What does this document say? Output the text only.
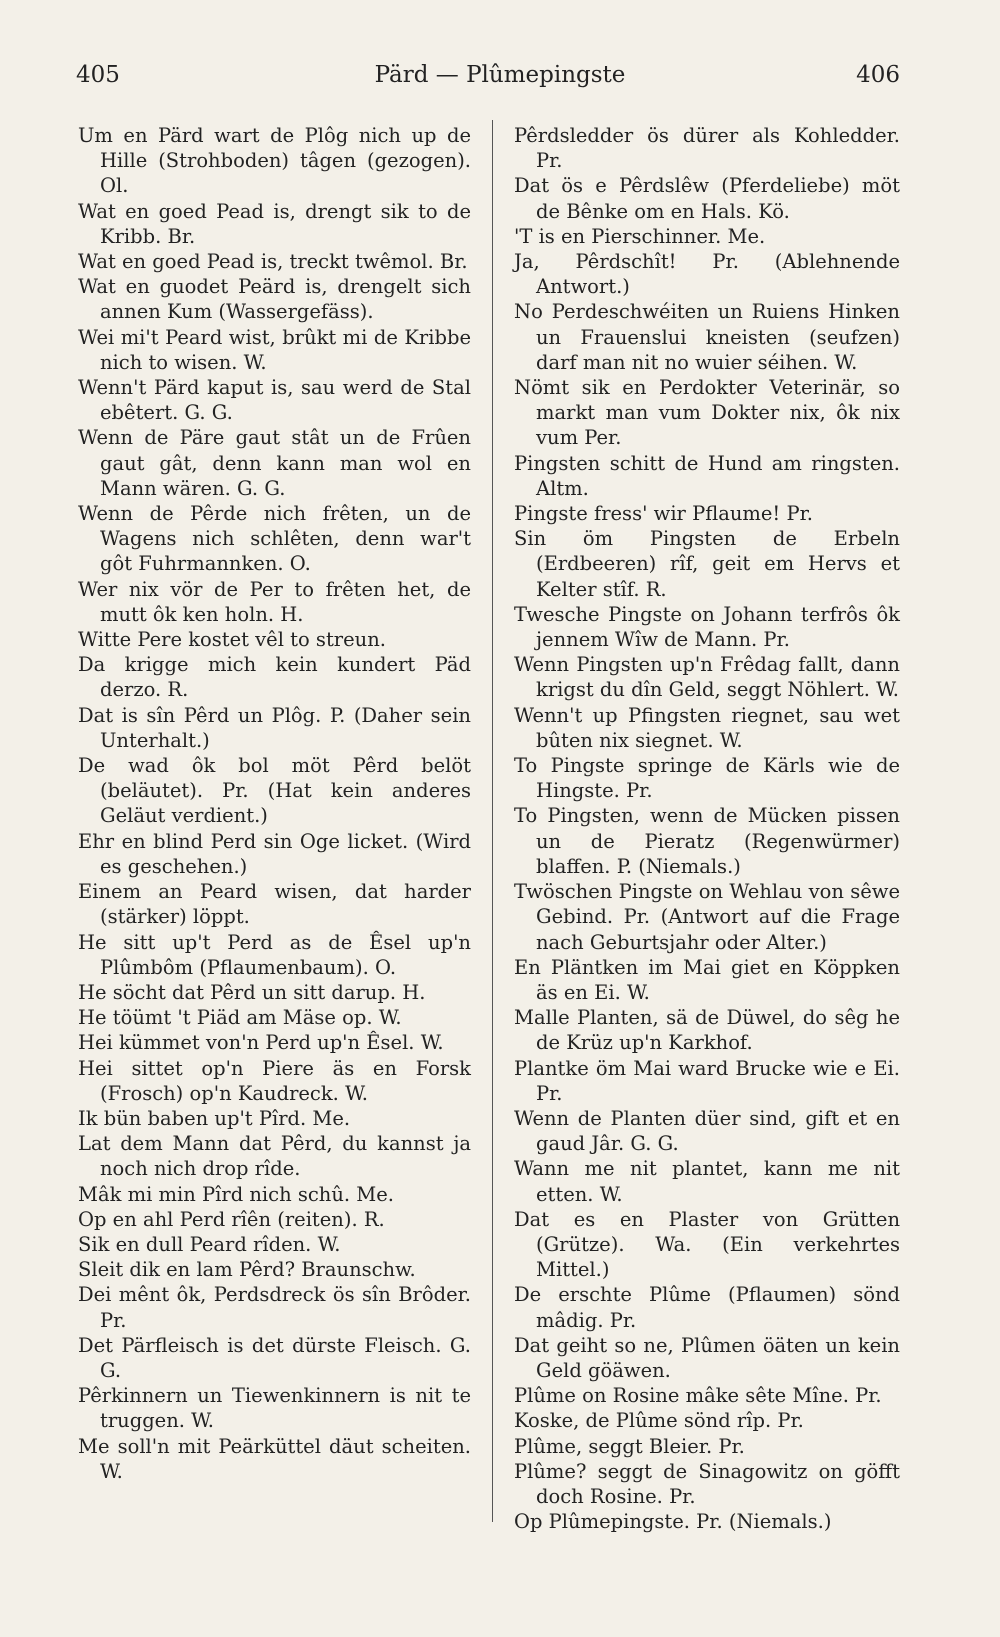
405	Pärd — Plûmepingste	406
Um en Pärd wart de Plôg nich up de Hille (Strohboden) tâgen (gezogen). Ol.
Wat en goed Pead is, drengt sik to de Kribb. Br.
Wat en goed Pead is, treckt twêmol. Br.
Wat en guodet Peärd is, drengelt sich annen Kum (Wassergefäss).
Wei mi't Peard wist, brûkt mi de Kribbe nich to wisen. W.
Wenn't Pärd kaput is, sau werd de Stal ebêtert. G. G.
Wenn de Päre gaut stât un de Frûen gaut gât, denn kann man wol en Mann wären. G. G.
Wenn de Pêrde nich frêten, un de Wagens nich schlêten, denn war't gôt Fuhrmannken. O.
Wer nix vör de Per to frêten het, de mutt ôk ken holn. H.
Witte Pere kostet vêl to streun.
Da krigge mich kein kundert Päd derzo. R.
Dat is sîn Pêrd un Plôg. P. (Daher sein Unterhalt.)
De wad ôk bol möt Pêrd belöt (beläutet). Pr. (Hat kein anderes Geläut verdient.)
Ehr en blind Perd sin Oge licket. (Wird es geschehen.)
Einem an Peard wisen, dat harder (stärker) löppt.
He sitt up't Perd as de Êsel up'n Plûmbôm (Pflaumenbaum). O.
He söcht dat Pêrd un sitt darup. H.
He töümt 't Piäd am Mäse op. W.
Hei kümmet von'n Perd up'n Êsel. W.
Hei sittet op'n Piere äs en Forsk (Frosch) op'n Kaudreck. W.
Ik bün baben up't Pîrd. Me.
Lat dem Mann dat Pêrd, du kannst ja noch nich drop rîde.
Mâk mi min Pîrd nich schû. Me.
Op en ahl Perd rîên (reiten). R.
Sik en dull Peard rîden. W.
Sleit dik en lam Pêrd? Braunschw.
Dei mênt ôk, Perdsdreck ös sîn Brôder. Pr.
Det Pärfleisch is det dürste Fleisch. G. G.
Pêrkinnern un Tiewenkinnern is nit te truggen. W.
Me soll'n mit Peärküttel däut scheiten. W.
Pêrdsledder ös dürer als Kohledder. Pr.
Dat ös e Pêrdslêw (Pferdeliebe) möt de Bênke om en Hals. Kö.
'T is en Pierschinner. Me.
Ja, Pêrdschît! Pr. (Ablehnende Antwort.)
No Perdeschwéiten un Ruiens Hinken un Frauenslui kneisten (seufzen) darf man nit no wuier séihen. W.
Nömt sik en Perdokter Veterinär, so markt man vum Dokter nix, ôk nix vum Per.
Pingsten schitt de Hund am ringsten. Altm.
Pingste fress' wir Pflaume! Pr.
Sin öm Pingsten de Erbeln (Erdbeeren) rîf, geit em Hervs et Kelter stîf. R.
Twesche Pingste on Johann terfrôs ôk jennem Wîw de Mann. Pr.
Wenn Pingsten up'n Frêdag fallt, dann krigst du dîn Geld, seggt Nöhlert. W.
Wenn't up Pfingsten riegnet, sau wet bûten nix siegnet. W.
To Pingste springe de Kärls wie de Hingste. Pr.
To Pingsten, wenn de Mücken pissen un de Pieratz (Regenwürmer) blaffen. P. (Niemals.)
Twöschen Pingste on Wehlau von sêwe Gebind. Pr. (Antwort auf die Frage nach Geburtsjahr oder Alter.)
En Pläntken im Mai giet en Köppken äs en Ei. W.
Malle Planten, sä de Düwel, do sêg he de Krüz up'n Karkhof.
Plantke öm Mai ward Brucke wie e Ei. Pr.
Wenn de Planten düer sind, gift et en gaud Jâr. G. G.
Wann me nit plantet, kann me nit etten. W.
Dat es en Plaster von Grütten (Grütze). Wa. (Ein verkehrtes Mittel.)
De erschte Plûme (Pflaumen) sönd mâdig. Pr.
Dat geiht so ne, Plûmen öäten un kein Geld göäwen.
Plûme on Rosine mâke sête Mîne. Pr.
Koske, de Plûme sönd rîp. Pr.
Plûme, seggt Bleier. Pr.
Plûme? seggt de Sinagowitz on göfft doch Rosine. Pr.
Op Plûmepingste. Pr. (Niemals.)
